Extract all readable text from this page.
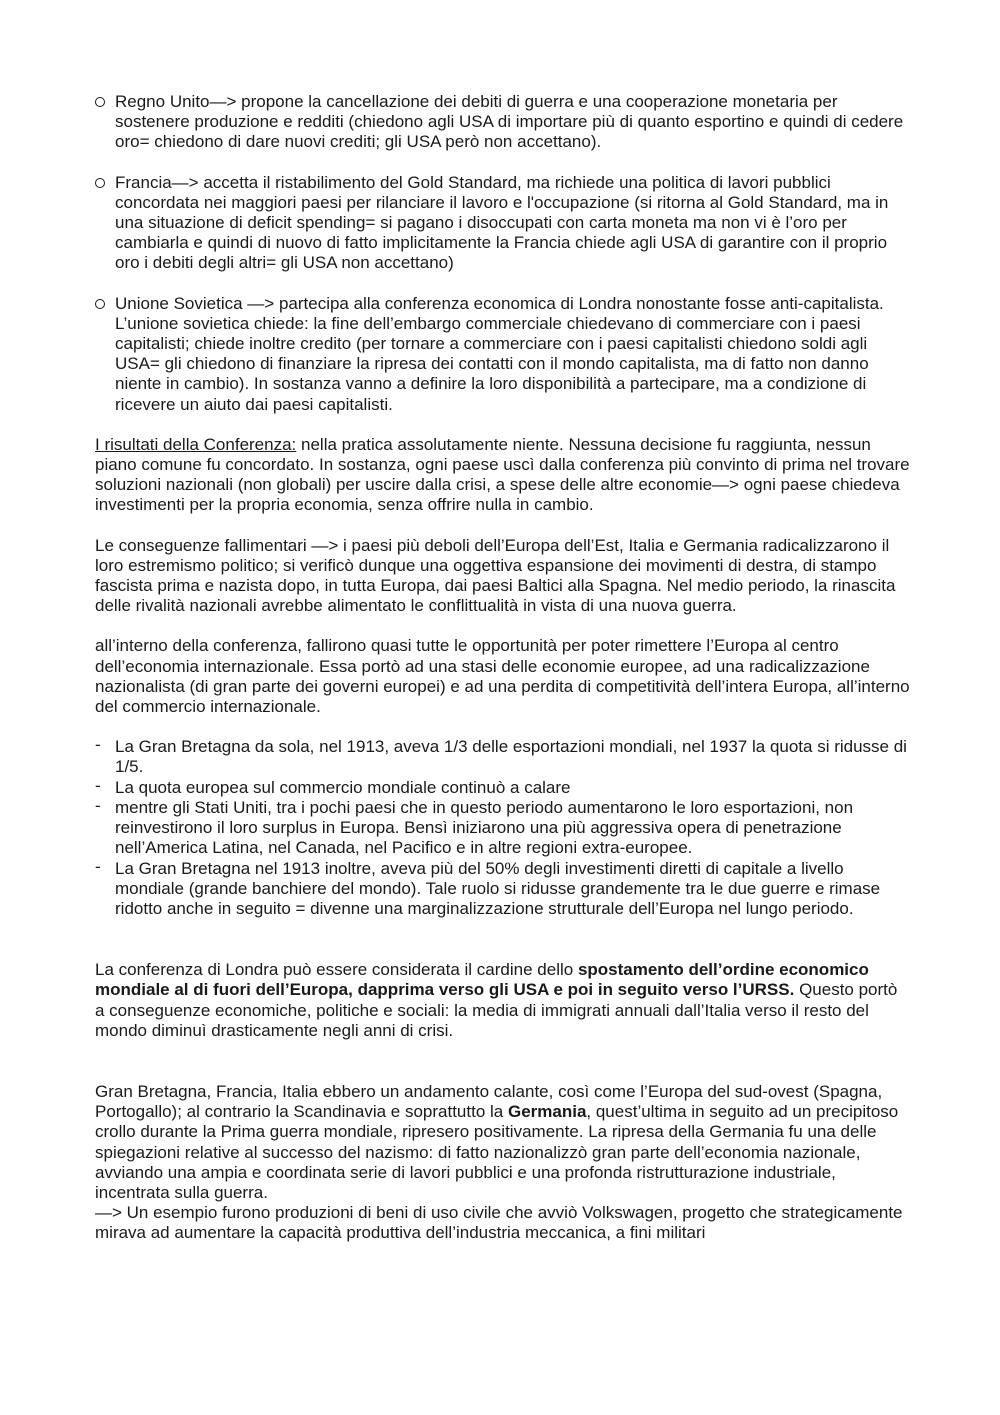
Regno Unito—> propone la cancellazione dei debiti di guerra e una cooperazione monetaria per sostenere produzione e redditi (chiedono agli USA di importare più di quanto esportino e quindi di cedere oro= chiedono di dare nuovi crediti; gli USA però non accettano).
Francia—> accetta il ristabilimento del Gold Standard, ma richiede una politica di lavori pubblici concordata nei maggiori paesi per rilanciare il lavoro e l'occupazione (si ritorna al Gold Standard, ma in una situazione di deficit spending= si pagano i disoccupati con carta moneta ma non vi è l’oro per cambiarla e quindi di nuovo di fatto implicitamente la Francia chiede agli USA di garantire con il proprio oro i debiti degli altri= gli USA non accettano)
Unione Sovietica —> partecipa alla conferenza economica di Londra nonostante fosse anti-capitalista. L’unione sovietica chiede: la fine dell’embargo commerciale chiedevano di commerciare con i paesi capitalisti; chiede inoltre credito (per tornare a commerciare con i paesi capitalisti chiedono soldi agli USA= gli chiedono di finanziare la ripresa dei contatti con il mondo capitalista, ma di fatto non danno niente in cambio). In sostanza vanno a definire la loro disponibilità a partecipare, ma a condizione di ricevere un aiuto dai paesi capitalisti.

I risultati della Conferenza: nella pratica assolutamente niente. Nessuna decisione fu raggiunta, nessun piano comune fu concordato. In sostanza, ogni paese uscì dalla conferenza più convinto di prima nel trovare soluzioni nazionali (non globali) per uscire dalla crisi, a spese delle altre economie—> ogni paese chiedeva investimenti per la propria economia, senza offrire nulla in cambio.

Le conseguenze fallimentari —> i paesi più deboli dell’Europa dell’Est, Italia e Germania radicalizzarono il loro estremismo politico; si verificò dunque una oggettiva espansione dei movimenti di destra, di stampo fascista prima e nazista dopo, in tutta Europa, dai paesi Baltici alla Spagna. Nel medio periodo, la rinascita delle rivalità nazionali avrebbe alimentato le conflittualità in vista di una nuova guerra.

all’interno della conferenza, fallirono quasi tutte le opportunità per poter rimettere l’Europa al centro dell’economia internazionale. Essa portò ad una stasi delle economie europee, ad una radicalizzazione nazionalista (di gran parte dei governi europei) e ad una perdita di competitività dell’intera Europa, all’interno del commercio internazionale.

- La Gran Bretagna da sola, nel 1913, aveva 1/3 delle esportazioni mondiali, nel 1937 la quota si ridusse di 1/5.
- La quota europea sul commercio mondiale continuò a calare
- mentre gli Stati Uniti, tra i pochi paesi che in questo periodo aumentarono le loro esportazioni, non reinvestirono il loro surplus in Europa. Bensì iniziarono una più aggressiva opera di penetrazione nell’America Latina, nel Canada, nel Pacifico e in altre regioni extra-europee.
- La Gran Bretagna nel 1913 inoltre, aveva più del 50% degli investimenti diretti di capitale a livello mondiale (grande banchiere del mondo). Tale ruolo si ridusse grandemente tra le due guerre e rimase ridotto anche in seguito = divenne una marginalizzazione strutturale dell’Europa nel lungo periodo.

La conferenza di Londra può essere considerata il cardine dello spostamento dell’ordine economico mondiale al di fuori dell’Europa, dapprima verso gli USA e poi in seguito verso l’URSS. Questo portò a conseguenze economiche, politiche e sociali: la media di immigrati annuali dall’Italia verso il resto del mondo diminuì drasticamente negli anni di crisi.

Gran Bretagna, Francia, Italia ebbero un andamento calante, così come l’Europa del sud-ovest (Spagna, Portogallo); al contrario la Scandinavia e soprattutto la Germania, quest’ultima in seguito ad un precipitoso crollo durante la Prima guerra mondiale, ripresero positivamente. La ripresa della Germania fu una delle spiegazioni relative al successo del nazismo: di fatto nazionalizzò gran parte dell’economia nazionale, avviando una ampia e coordinata serie di lavori pubblici e una profonda ristrutturazione industriale, incentrata sulla guerra.

—> Un esempio furono produzioni di beni di uso civile che avviò Volkswagen, progetto che strategicamente mirava ad aumentare la capacità produttiva dell’industria meccanica, a fini militari
